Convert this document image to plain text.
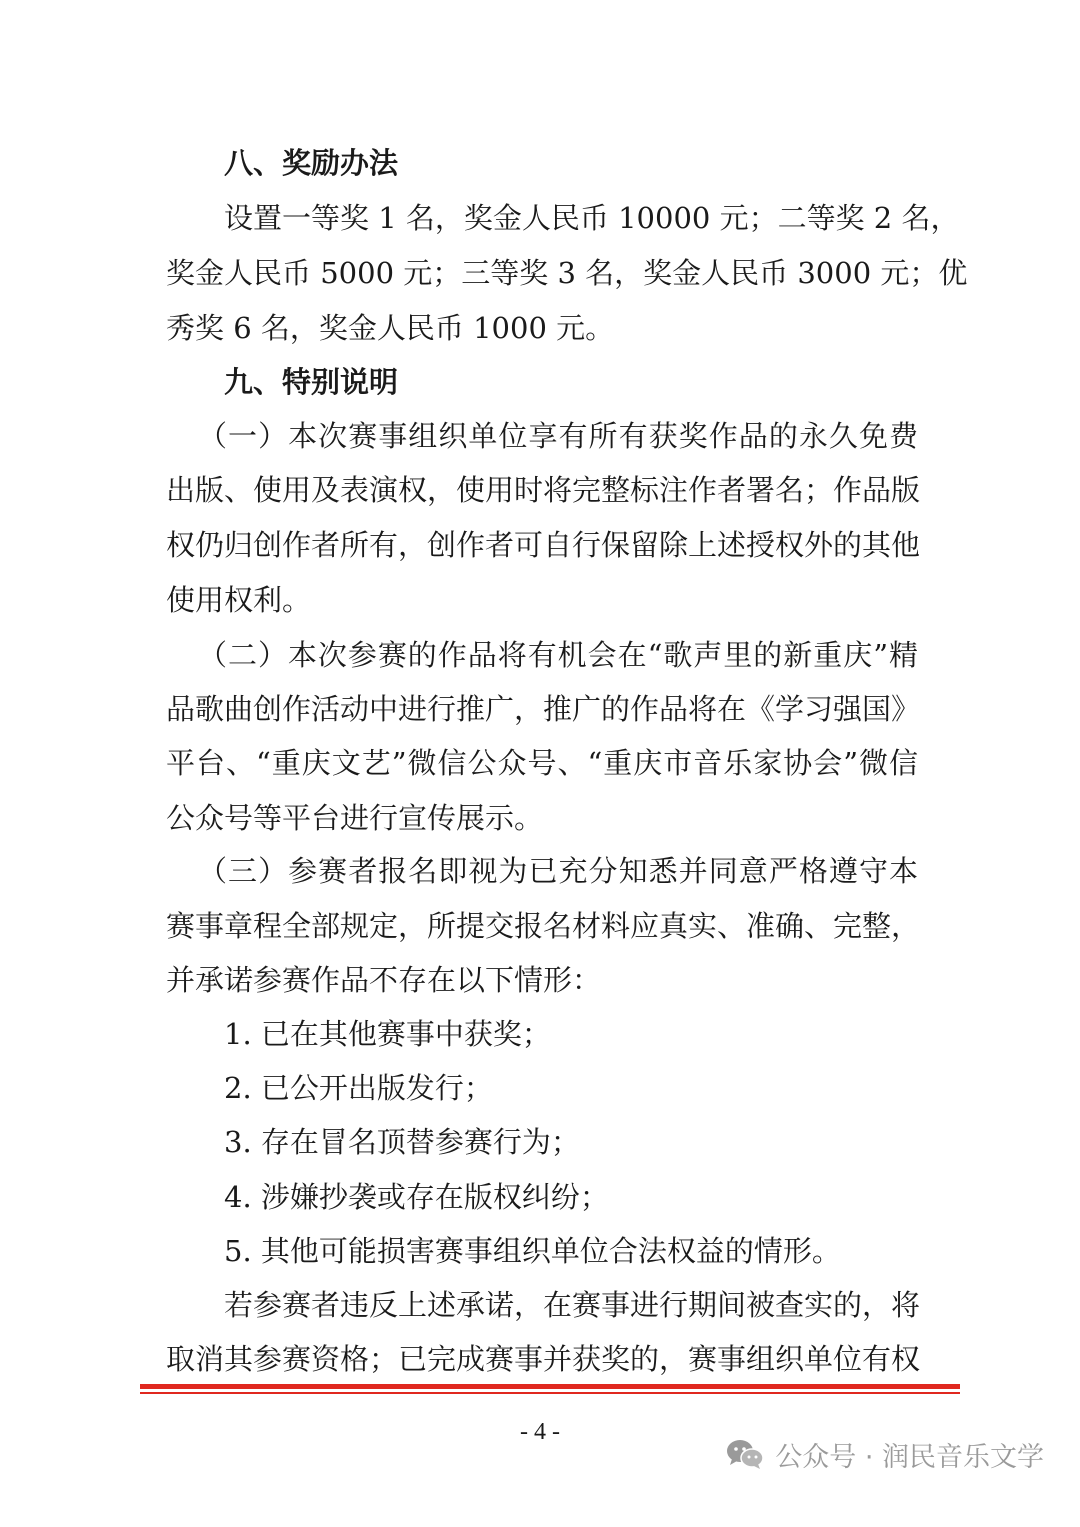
八、奖励办法
设置一等奖 1 名，奖金人民币 10000 元；二等奖 2 名，
奖金人民币 5000 元；三等奖 3 名，奖金人民币 3000 元；优
秀奖 6 名，奖金人民币 1000 元。
九、特别说明
（一）本次赛事组织单位享有所有获奖作品的永久免费
出版、使用及表演权，使用时将完整标注作者署名；作品版
权仍归创作者所有，创作者可自行保留除上述授权外的其他
使用权利。
（二）本次参赛的作品将有机会在“歌声里的新重庆”精
品歌曲创作活动中进行推广，推广的作品将在《学习强国》
平台、“重庆文艺”微信公众号、“重庆市音乐家协会”微信
公众号等平台进行宣传展示。
（三）参赛者报名即视为已充分知悉并同意严格遵守本
赛事章程全部规定，所提交报名材料应真实、准确、完整，
并承诺参赛作品不存在以下情形：
1. 已在其他赛事中获奖；
2. 已公开出版发行；
3. 存在冒名顶替参赛行为；
4. 涉嫌抄袭或存在版权纠纷；
5. 其他可能损害赛事组织单位合法权益的情形。
若参赛者违反上述承诺，在赛事进行期间被查实的，将
取消其参赛资格；已完成赛事并获奖的，赛事组织单位有权
- 4 -
公众号 · 润民音乐文学
